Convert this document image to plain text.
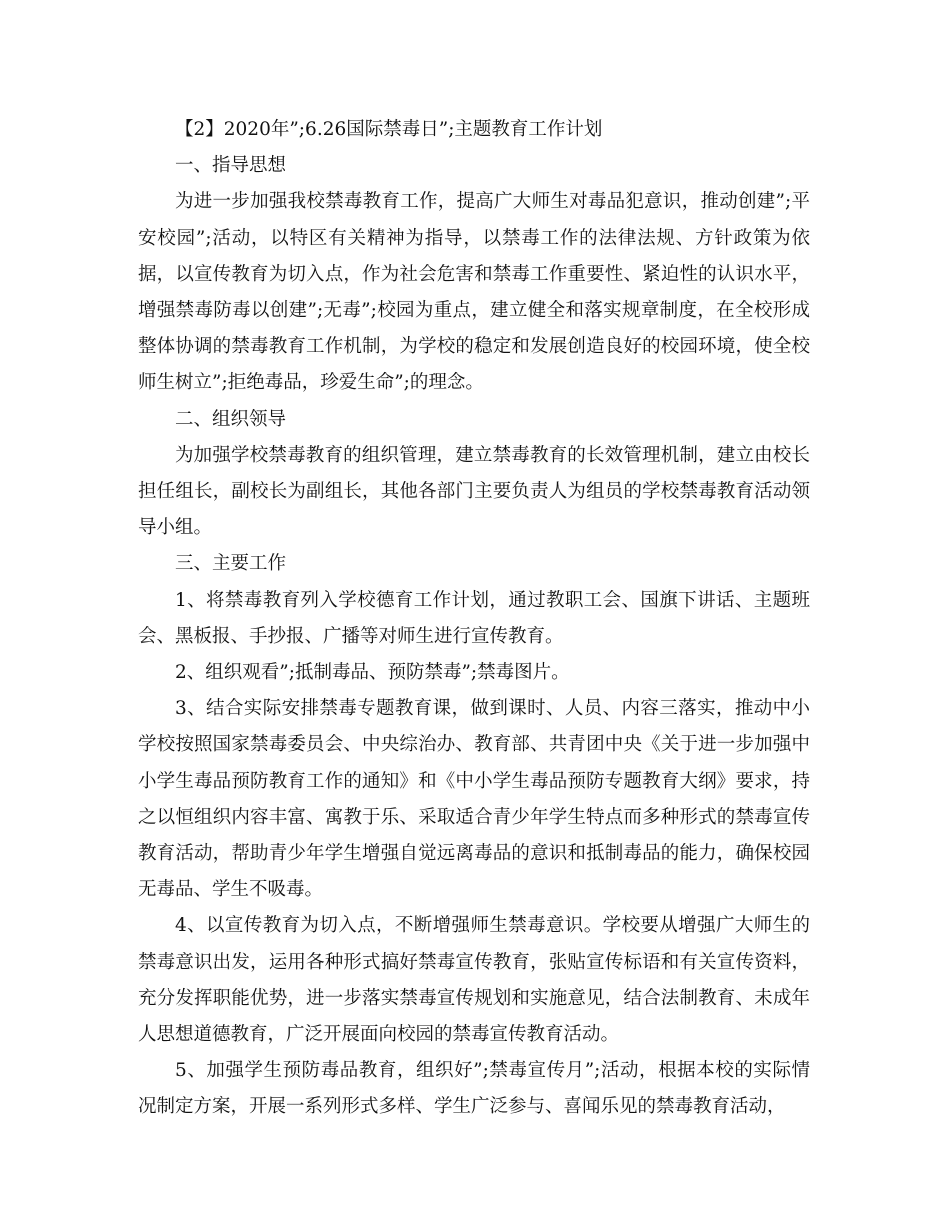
【2】2020年”;6.26国际禁毒日”;主题教育工作计划

一、指导思想

为进一步加强我校禁毒教育工作，提高广大师生对毒品犯意识，推动创建”;平安校园”;活动，以特区有关精神为指导，以禁毒工作的法律法规、方针政策为依据，以宣传教育为切入点，作为社会危害和禁毒工作重要性、紧迫性的认识水平，增强禁毒防毒以创建”;无毒”;校园为重点，建立健全和落实规章制度，在全校形成整体协调的禁毒教育工作机制，为学校的稳定和发展创造良好的校园环境，使全校师生树立”;拒绝毒品，珍爱生命”;的理念。

二、组织领导

为加强学校禁毒教育的组织管理，建立禁毒教育的长效管理机制，建立由校长担任组长，副校长为副组长，其他各部门主要负责人为组员的学校禁毒教育活动领导小组。

三、主要工作

1、将禁毒教育列入学校德育工作计划，通过教职工会、国旗下讲话、主题班会、黑板报、手抄报、广播等对师生进行宣传教育。

2、组织观看”;抵制毒品、预防禁毒”;禁毒图片。

3、结合实际安排禁毒专题教育课，做到课时、人员、内容三落实，推动中小学校按照国家禁毒委员会、中央综治办、教育部、共青团中央《关于进一步加强中小学生毒品预防教育工作的通知》和《中小学生毒品预防专题教育大纲》要求，持之以恒组织内容丰富、寓教于乐、采取适合青少年学生特点而多种形式的禁毒宣传教育活动，帮助青少年学生增强自觉远离毒品的意识和抵制毒品的能力，确保校园无毒品、学生不吸毒。

4、以宣传教育为切入点，不断增强师生禁毒意识。学校要从增强广大师生的禁毒意识出发，运用各种形式搞好禁毒宣传教育，张贴宣传标语和有关宣传资料，充分发挥职能优势，进一步落实禁毒宣传规划和实施意见，结合法制教育、未成年人思想道德教育，广泛开展面向校园的禁毒宣传教育活动。

5、加强学生预防毒品教育，组织好”;禁毒宣传月”;活动，根据本校的实际情况制定方案，开展一系列形式多样、学生广泛参与、喜闻乐见的禁毒教育活动，
